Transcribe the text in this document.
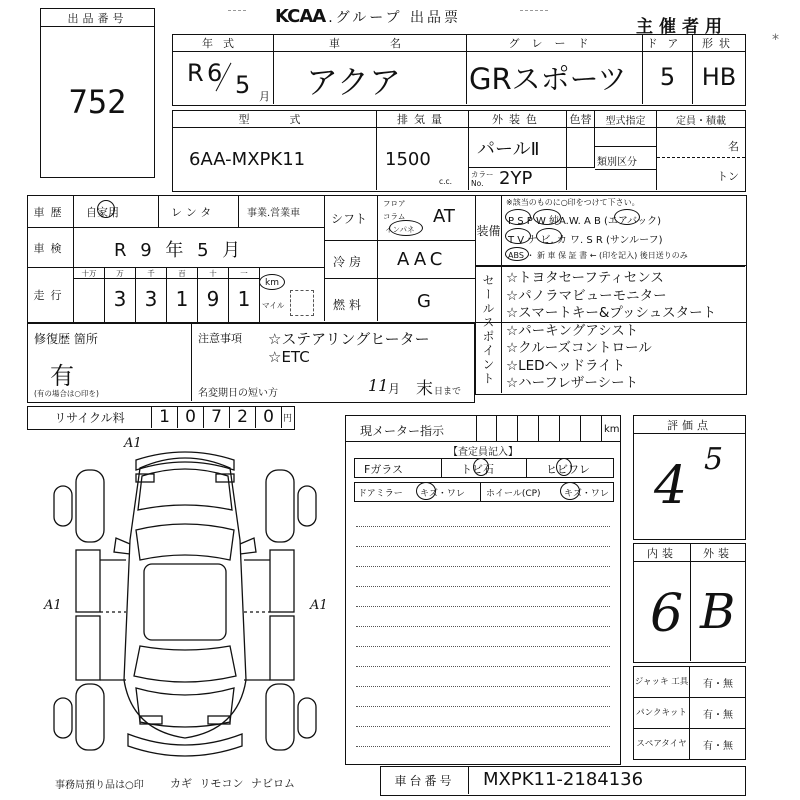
出品番号
752
KCAA .グループ 出品票	主催者用
年式
R 6 5 月
車名
アクア
グレード
GRスポーツ
ドア
5
形状
HB
型式
6AA-MXPK11
排気量
1500
c.c.
外装色
パールⅡ
色替
カラー
No. 2YP
型式指定
類別区分
定員・積載
名
トン
車歴	自家用	レンタ	事業.営業車
車検	R 9 年 5 月
走行
十万	万
3
千
3
百
1
十
9
一
1
km
マイル
シフト
フロア
コラム
インパネ
AT
冷房 AAC
燃料	G
装備
※該当のものに○印をつけて下さい。
P S P W 純A.W. A B (エアバック)
T V ナ ビ. カ ワ. S R (サンルーフ)
ABS ・ 新 車 保 証 書 ← (印を記入) 後日送りのみ
セールスポイント ☆トヨタセーフティセンス
☆パノラマビューモニター
☆スマートキー&プッシュスタート
☆パーキングアシスト
☆クルーズコントロール
☆LEDヘッドライト
☆ハーフレザーシート
修復歴 箇所
有
(有の場合は○印を)
注意事項 ☆ステアリングヒーター
☆ETC
名変期日の短い方	11 月 末 日まで
リサイクル料	1 0 7 2 0	円
A1
A1	A1
現メーター指示	km
【査定員記入】
Fガラス	トビ石	ヒビワレ
ドアミラー キズ・ワレ ホイール(CP)	キズ・ワレ
評価点
4 5
内装	外装
6 B
ジャッキ 工具	有・無
パンクキット	有・無
スペアタイヤ	有・無
事務局預り品は○印 カギ リモコン ナビロム	車台番号	MXPK11-2184136
*
